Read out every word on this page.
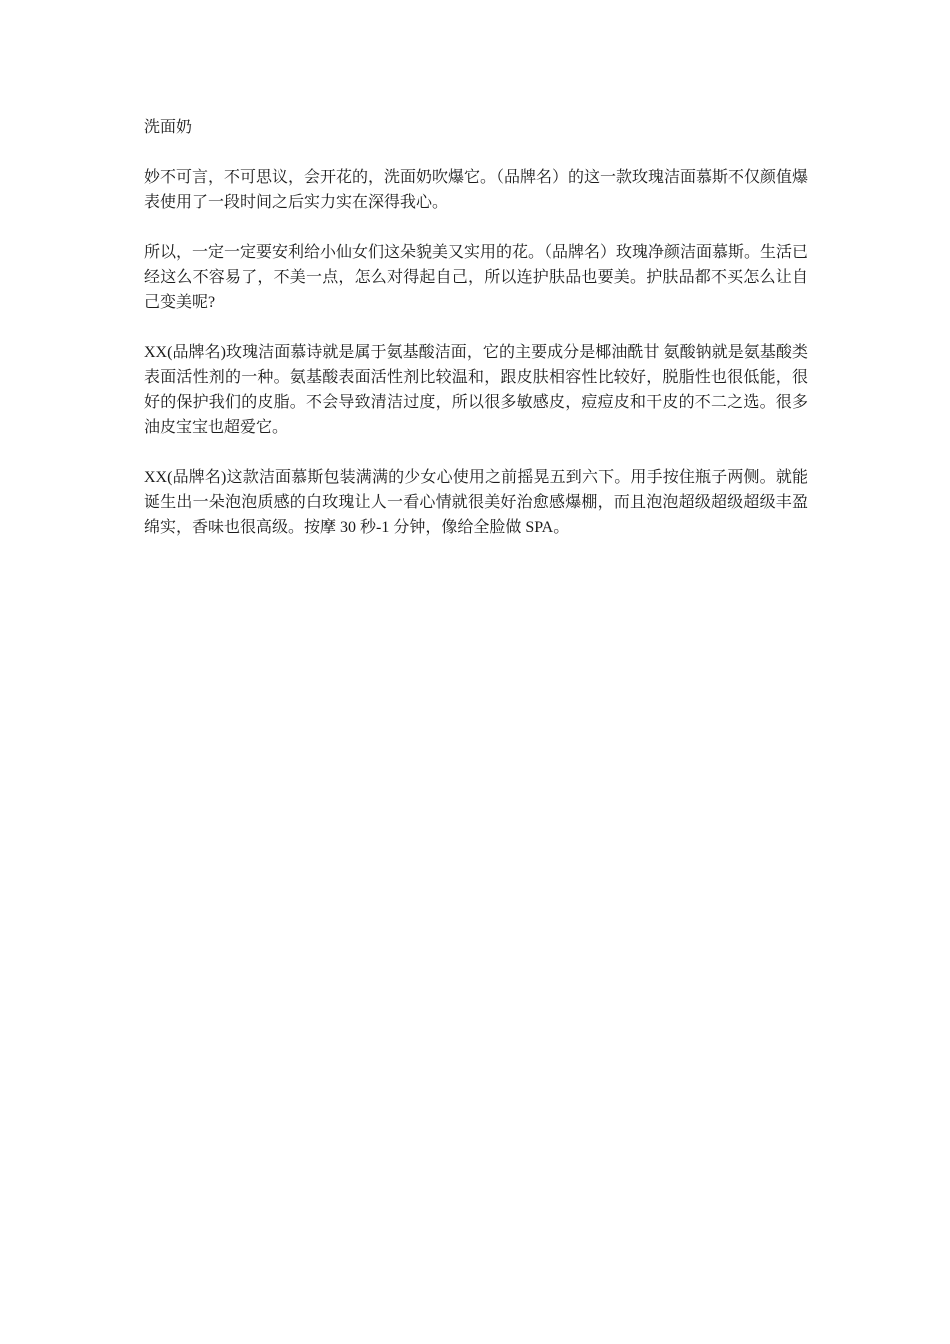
洗面奶

妙不可言，不可思议，会开花的，洗面奶吹爆它。（品牌名）的这一款玫瑰洁面慕斯不仅颜值爆表使用了一段时间之后实力实在深得我心。

所以，一定一定要安利给小仙女们这朵貌美又实用的花。（品牌名）玫瑰净颜洁面慕斯。生活已经这么不容易了，不美一点，怎么对得起自己，所以连护肤品也要美。护肤品都不买怎么让自己变美呢?

XX(品牌名)玫瑰洁面慕诗就是属于氨基酸洁面，它的主要成分是椰油酰甘 氨酸钠就是氨基酸类表面活性剂的一种。氨基酸表面活性剂比较温和，跟皮肤相容性比较好，脱脂性也很低能，很好的保护我们的皮脂。不会导致清洁过度，所以很多敏感皮，痘痘皮和干皮的不二之选。很多油皮宝宝也超爱它。

XX(品牌名)这款洁面慕斯包装满满的少女心使用之前摇晃五到六下。用手按住瓶子两侧。就能诞生出一朵泡泡质感的白玫瑰让人一看心情就很美好治愈感爆棚，而且泡泡超级超级超级丰盈绵实，香味也很高级。按摩 30 秒-1 分钟，像给全脸做 SPA。
